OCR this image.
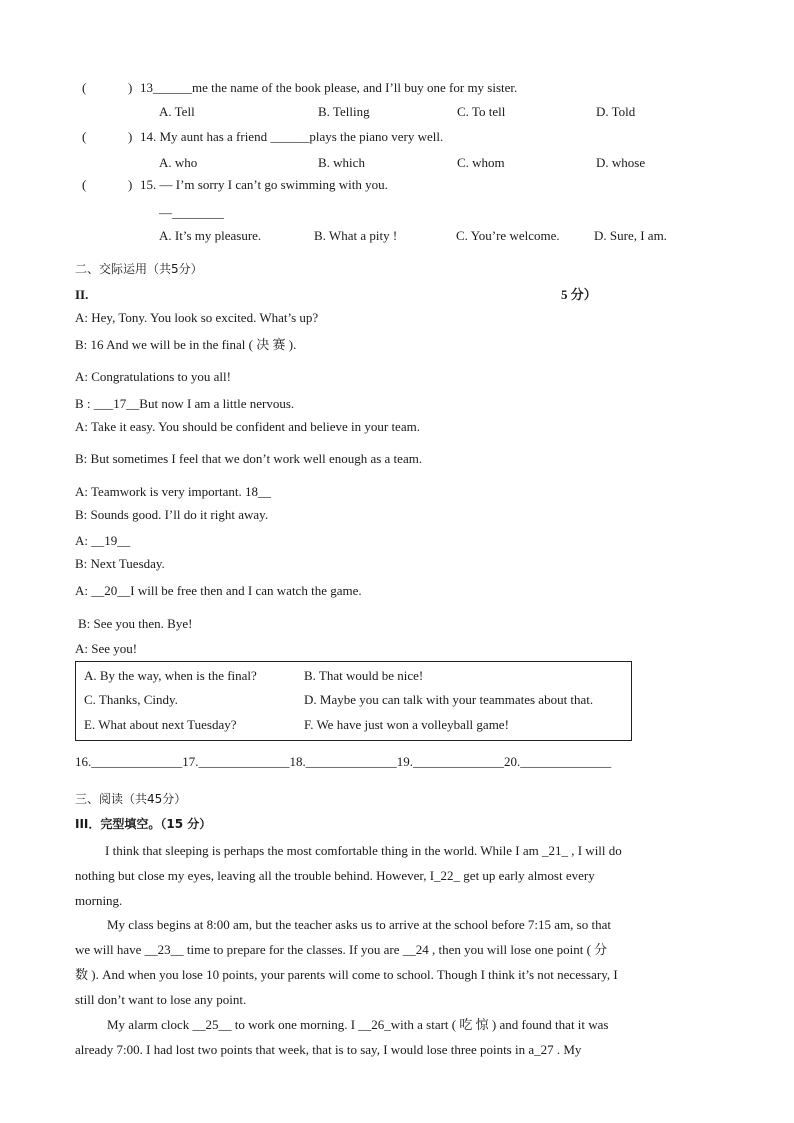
(	) 13______me the name of the book please, and I’ll buy one for my sister.
A. Tell	B. Telling	C. To tell	D. Told
(	) 14. My aunt has a friend ______plays the piano very well.
A. who	B. which	C. whom	D. whose
(	) 15. — I’m sorry I can’t go swimming with you.
—________
A. It’s my pleasure.	B. What a pity !	C. You’re welcome.	D. Sure, I am.
二、交际运用（共5分）
II.	5 分）
A: Hey, Tony. You look so excited. What’s up?
B: 16 And we will be in the final ( 决 赛 ).
A: Congratulations to you all!
B : ___17__But now I am a little nervous.
A: Take it easy. You should be confident and believe in your team.
B: But sometimes I feel that we don’t work well enough as a team.
A: Teamwork is very important. 18__
B: Sounds good. I’ll do it right away.
A: __19__
B: Next Tuesday.
A: __20__I will be free then and I can watch the game.
B: See you then. Bye!
A: See you!
A. By the way, when is the final?	B. That would be nice!
C. Thanks, Cindy.	D. Maybe you can talk with your teammates about that.
E. What about next Tuesday?	F. We have just won a volleyball game!
16.______________17.______________18.______________19.______________20.______________
三、阅读（共45分）
III．完型填空。（15 分）
I think that sleeping is perhaps the most comfortable thing in the world. While I am _21_ , I will do
nothing but close my eyes, leaving all the trouble behind. However, I_22_ get up early almost every
morning.
My class begins at 8:00 am, but the teacher asks us to arrive at the school before 7:15 am, so that
we will have __23__ time to prepare for the classes. If you are __24 , then you will lose one point ( 分
数 ). And when you lose 10 points, your parents will come to school. Though I think it’s not necessary, I
still don’t want to lose any point.
My alarm clock __25__ to work one morning. I __26_with a start ( 吃 惊 ) and found that it was
already 7:00. I had lost two points that week, that is to say, I would lose three points in a_27 . My
